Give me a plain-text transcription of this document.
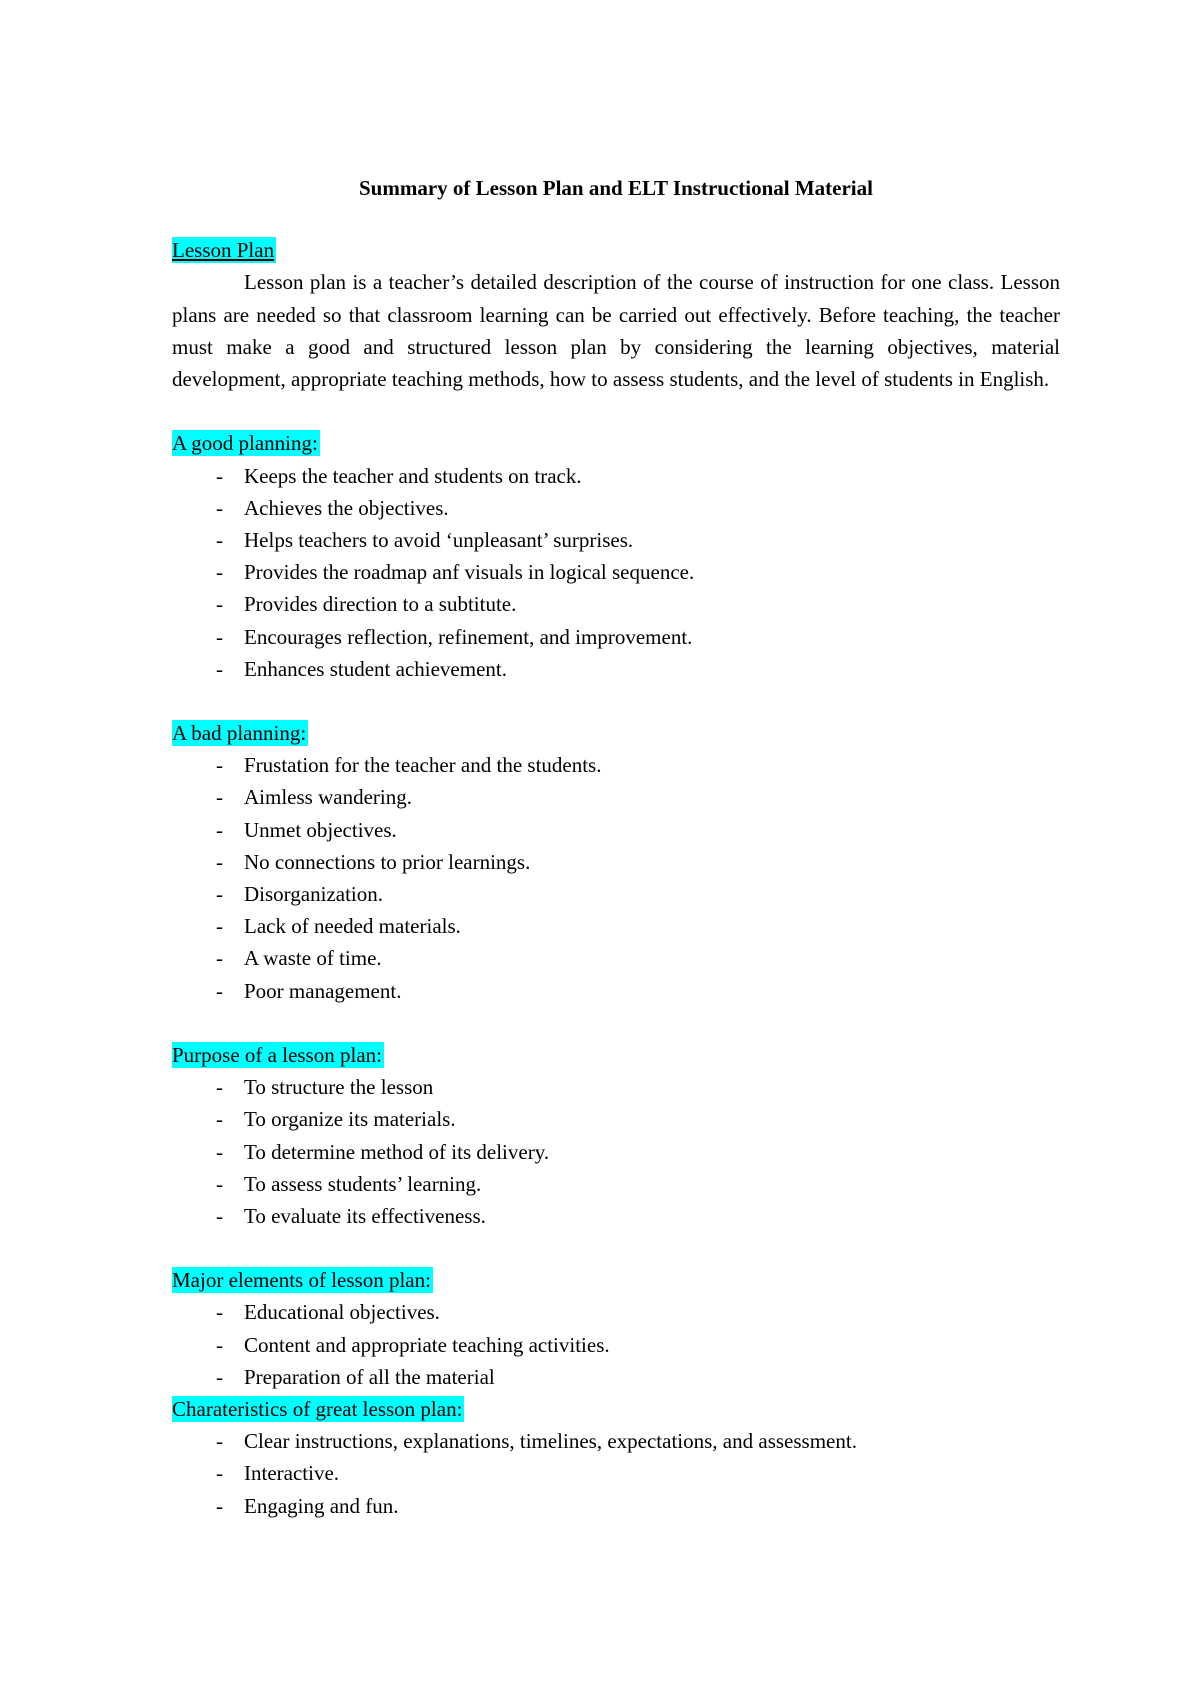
Summary of Lesson Plan and ELT Instructional Material
Lesson Plan

Lesson plan is a teacher’s detailed description of the course of instruction for one class. Lesson plans are needed so that classroom learning can be carried out effectively. Before teaching, the teacher must make a good and structured lesson plan by considering the learning objectives, material development, appropriate teaching methods, how to assess students, and the level of students in English.

A good planning:
- Keeps the teacher and students on track.
- Achieves the objectives.
- Helps teachers to avoid ‘unpleasant’ surprises.
- Provides the roadmap anf visuals in logical sequence.
- Provides direction to a subtitute.
- Encourages reflection, refinement, and improvement.
- Enhances student achievement.
A bad planning:
- Frustation for the teacher and the students.
- Aimless wandering.
- Unmet objectives.
- No connections to prior learnings.
- Disorganization.
- Lack of needed materials.
- A waste of time.
- Poor management.
Purpose of a lesson plan:
- To structure the lesson
- To organize its materials.
- To determine method of its delivery.
- To assess students’ learning.
- To evaluate its effectiveness.
Major elements of lesson plan:
- Educational objectives.
- Content and appropriate teaching activities.
- Preparation of all the material
Charateristics of great lesson plan:
- Clear instructions, explanations, timelines, expectations, and assessment.
- Interactive.
- Engaging and fun.
